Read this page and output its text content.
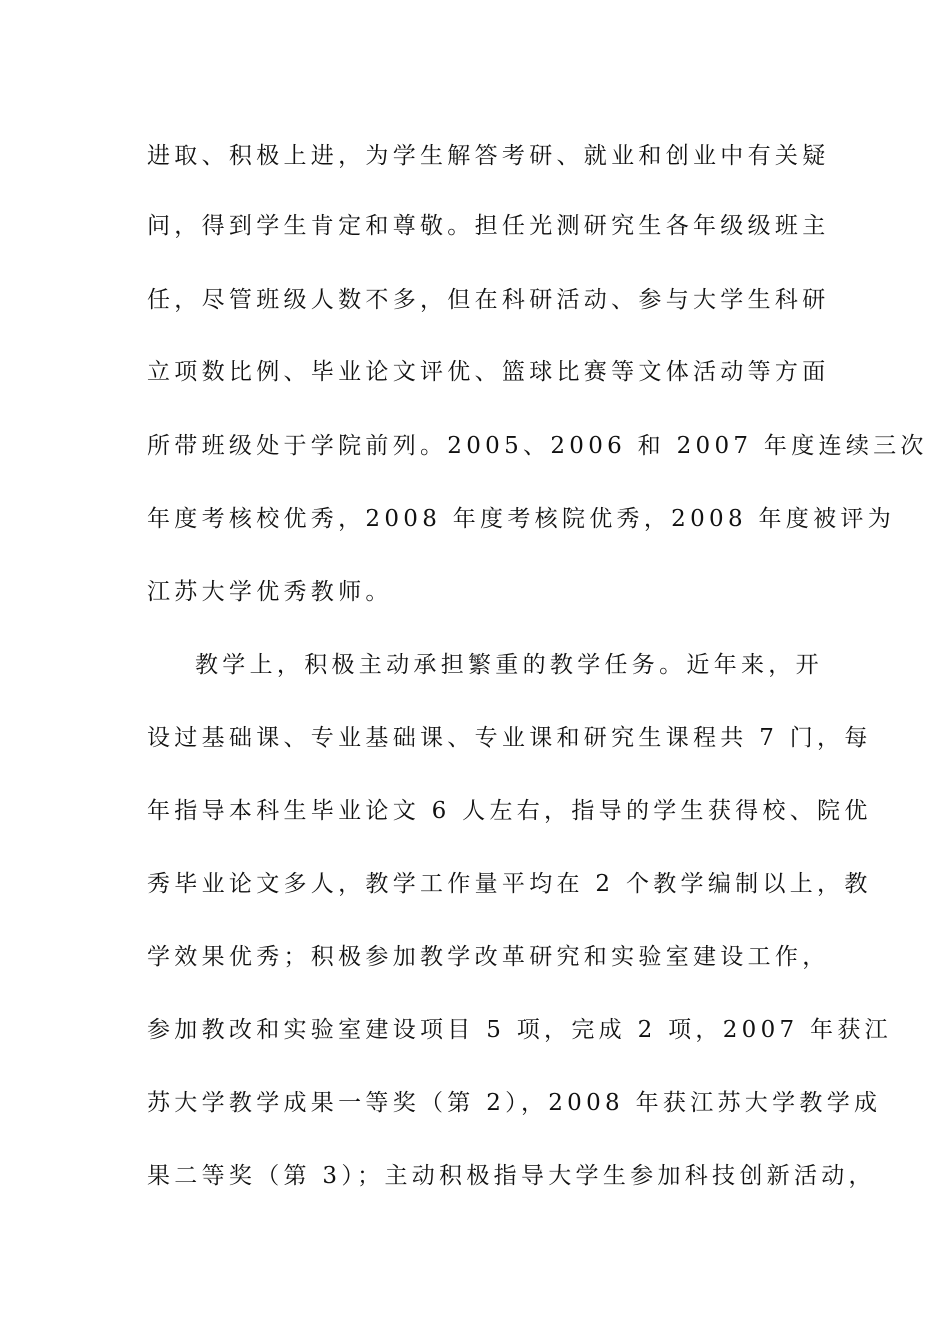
进取、积极上进，为学生解答考研、就业和创业中有关疑
问，得到学生肯定和尊敬。担任光测研究生各年级级班主
任，尽管班级人数不多，但在科研活动、参与大学生科研
立项数比例、毕业论文评优、篮球比赛等文体活动等方面
所带班级处于学院前列。2005、2006 和 2007 年度连续三次
年度考核校优秀，2008 年度考核院优秀，2008 年度被评为
江苏大学优秀教师。
教学上，积极主动承担繁重的教学任务。近年来，开
设过基础课、专业基础课、专业课和研究生课程共 7 门，每
年指导本科生毕业论文 6 人左右，指导的学生获得校、院优
秀毕业论文多人，教学工作量平均在 2 个教学编制以上，教
学效果优秀；积极参加教学改革研究和实验室建设工作，
参加教改和实验室建设项目 5 项，完成 2 项，2007 年获江
苏大学教学成果一等奖（第 2），2008 年获江苏大学教学成
果二等奖（第 3）；主动积极指导大学生参加科技创新活动，
